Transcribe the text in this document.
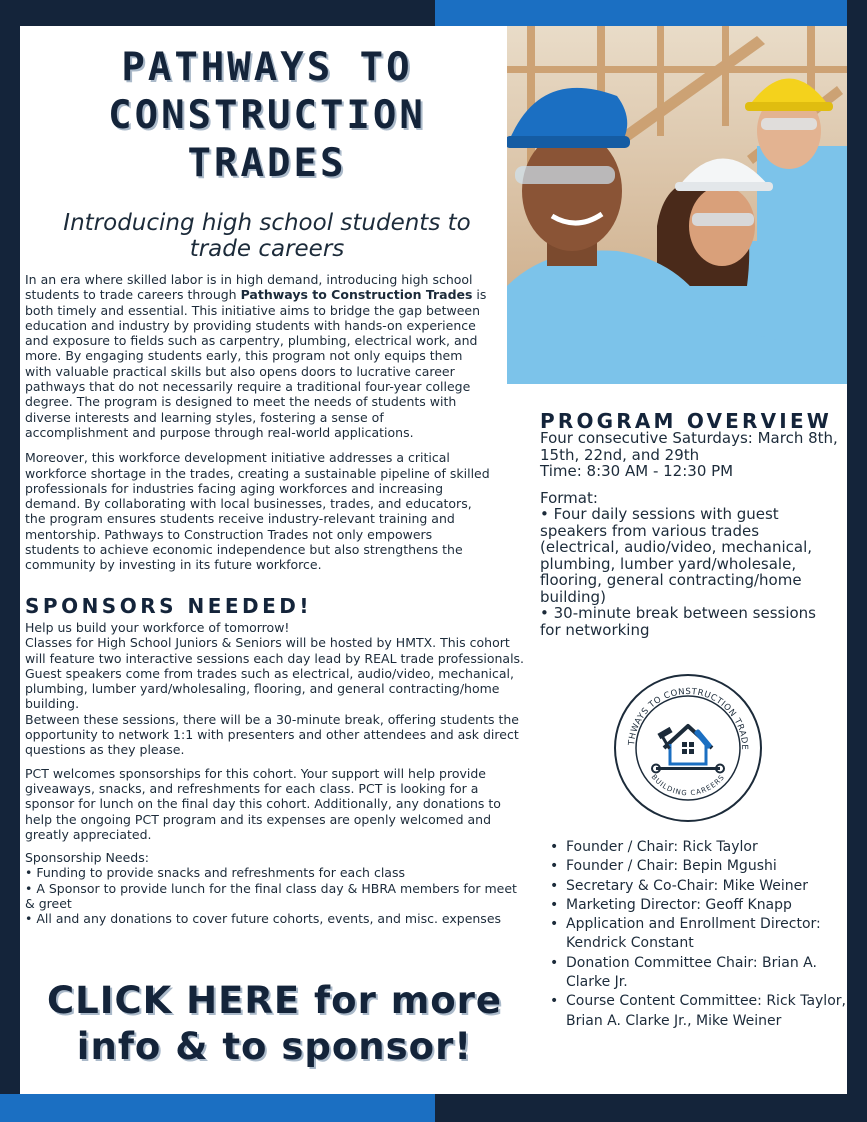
PATHWAYS TO
CONSTRUCTION
TRADES
Introducing high school students to
trade careers

In an era where skilled labor is in high demand, introducing high school students to trade careers through Pathways to Construction Trades is both timely and essential. This initiative aims to bridge the gap between education and industry by providing students with hands-on experience and exposure to fields such as carpentry, plumbing, electrical work, and more. By engaging students early, this program not only equips them with valuable practical skills but also opens doors to lucrative career pathways that do not necessarily require a traditional four-year college degree. The program is designed to meet the needs of students with diverse interests and learning styles, fostering a sense of accomplishment and purpose through real-world applications.

Moreover, this workforce development initiative addresses a critical workforce shortage in the trades, creating a sustainable pipeline of skilled professionals for industries facing aging workforces and increasing demand. By collaborating with local businesses, trades, and educators, the program ensures students receive industry-relevant training and mentorship. Pathways to Construction Trades not only empowers students to achieve economic independence but also strengthens the community by investing in its future workforce.

SPONSORS NEEDED!

Help us build your workforce of tomorrow!
Classes for High School Juniors & Seniors will be hosted by HMTX. This cohort will feature two interactive sessions each day lead by REAL trade professionals. Guest speakers come from trades such as electrical, audio/video, mechanical, plumbing, lumber yard/wholesaling, flooring, and general contracting/home building.
Between these sessions, there will be a 30-minute break, offering students the opportunity to network 1:1 with presenters and other attendees and ask direct questions as they please.

PCT welcomes sponsorships for this cohort. Your support will help provide giveaways, snacks, and refreshments for each class. PCT is looking for a sponsor for lunch on the final day this cohort. Additionally, any donations to help the ongoing PCT program and its expenses are openly welcomed and greatly appreciated.

Sponsorship Needs:
• Funding to provide snacks and refreshments for each class
• A Sponsor to provide lunch for the final class day & HBRA members for meet & greet
• All and any donations to cover future cohorts, events, and misc. expenses

CLICK HERE for more
info & to sponsor!
PROGRAM OVERVIEW
Four consecutive Saturdays: March 8th, 15th, 22nd, and 29th
Time: 8:30 AM - 12:30 PM
Format:
• Four daily sessions with guest speakers from various trades (electrical, audio/video, mechanical, plumbing, lumber yard/wholesale, flooring, general contracting/home building)
• 30-minute break between sessions for networking
THWAYS TO CONSTRUCTION TRADE
BUILDING CAREERS
• Founder / Chair: Rick Taylor
• Founder / Chair: Bepin Mgushi
• Secretary & Co-Chair: Mike Weiner
• Marketing Director: Geoff Knapp
• Application and Enrollment Director: Kendrick Constant
• Donation Committee Chair: Brian A. Clarke Jr.
• Course Content Committee: Rick Taylor, Brian A. Clarke Jr., Mike Weiner
